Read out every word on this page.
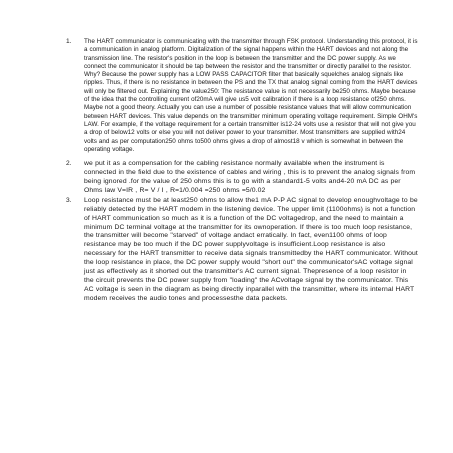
1.	The HART communicator is communicating with the transmitter through FSK protocol. Understanding this protocol, it is a communication in analog platform. Digitalization of the signal happens within the HART devices and not along the transmission line. The resistor's position in the loop is between the transmitter and the DC power supply. As we connect the communicator it should be tap between the resistor and the transmitter or directly parallel to the resistor. Why? Because the power supply has a LOW PASS CAPACITOR filter that basically squelches analog signals like ripples. Thus, if there is no resistance in between the PS and the TX that analog signal coming from the HART devices will only be filtered out. Explaining the value250: The resistance value is not necessarily be250 ohms. Maybe because of the idea that the controlling current of20mA will give us5 volt calibration if there is a loop resistance of250 ohms. Maybe not a good theory. Actually you can use a number of possible resistance values that will allow communication between HART devices. This value depends on the transmitter minimum operating voltage requirement. Simple OHM's LAW. For example, if the voltage requirement for a certain transmitter is12-24 volts use a resistor that will not give you a drop of below12 volts or else you will not deliver power to your transmitter. Most transmitters are supplied with24 volts and as per computation250 ohms to500 ohms gives a drop of almost18 v which is somewhat in between the operating voltage.

2.	we put it as a compensation for the cabling resistance normally available when the instrument is connected in the field due to the existence of cables and wiring , this is to prevent the analog signals from being ignored .for the value of 250 ohms this is to go with a standard1-5 volts and4-20 mA DC as per Ohms law V=IR , R= V / I , R=1/0.004 =250 ohms =5/0.02

3.	Loop resistance must be at least250 ohms to allow the1 mA P-P AC signal to develop enoughvoltage to be reliably detected by the HART modem in the listening device. The upper limit (1100ohms) is not a function of HART communication so much as it is a function of the DC voltagedrop, and the need to maintain a minimum DC terminal voltage at the transmitter for its ownoperation. If there is too much loop resistance, the transmitter will become "starved" of voltage andact erratically. In fact, even1100 ohms of loop resistance may be too much if the DC power supplyvoltage is insufficient.Loop resistance is also necessary for the HART transmitter to receive data signals transmittedby the HART communicator. Without the loop resistance in place, the DC power supply would "short out" the communicator'sAC voltage signal just as effectively as it shorted out the transmitter's AC current signal. Thepresence of a loop resistor in the circuit prevents the DC power supply from "loading" the ACvoltage signal by the communicator. This AC voltage is seen in the diagram as being directly inparallel with the transmitter, where its internal HART modem receives the audio tones and processesthe data packets.
